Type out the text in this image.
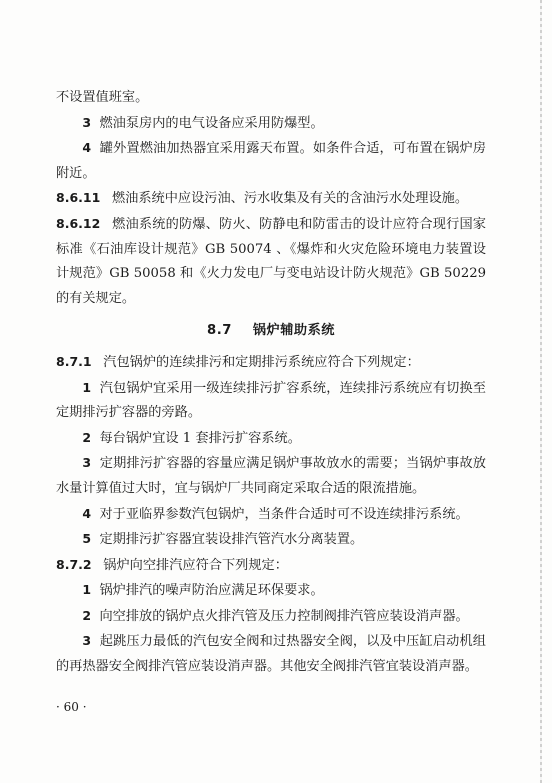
不设置值班室。

3 燃油泵房内的电气设备应采用防爆型。

4 罐外置燃油加热器宜采用露天布置。如条件合适，可布置在锅炉房附近。

8.6.11 燃油系统中应设污油、污水收集及有关的含油污水处理设施。

8.6.12 燃油系统的防爆、防火、防静电和防雷击的设计应符合现行国家标准《石油库设计规范》GB 50074 、《爆炸和火灾危险环境电力装置设计规范》GB 50058 和《火力发电厂与变电站设计防火规范》GB 50229 的有关规定。

8.7 锅炉辅助系统

8.7.1 汽包锅炉的连续排污和定期排污系统应符合下列规定：

1 汽包锅炉宜采用一级连续排污扩容系统，连续排污系统应有切换至定期排污扩容器的旁路。

2 每台锅炉宜设 1 套排污扩容系统。

3 定期排污扩容器的容量应满足锅炉事故放水的需要；当锅炉事故放水量计算值过大时，宜与锅炉厂共同商定采取合适的限流措施。

4 对于亚临界参数汽包锅炉，当条件合适时可不设连续排污系统。

5 定期排污扩容器宜装设排汽管汽水分离装置。

8.7.2 锅炉向空排汽应符合下列规定：

1 锅炉排汽的噪声防治应满足环保要求。

2 向空排放的锅炉点火排汽管及压力控制阀排汽管应装设消声器。

3 起跳压力最低的汽包安全阀和过热器安全阀，以及中压缸启动机组的再热器安全阀排汽管应装设消声器。其他安全阀排汽管宜装设消声器。

· 60 ·
